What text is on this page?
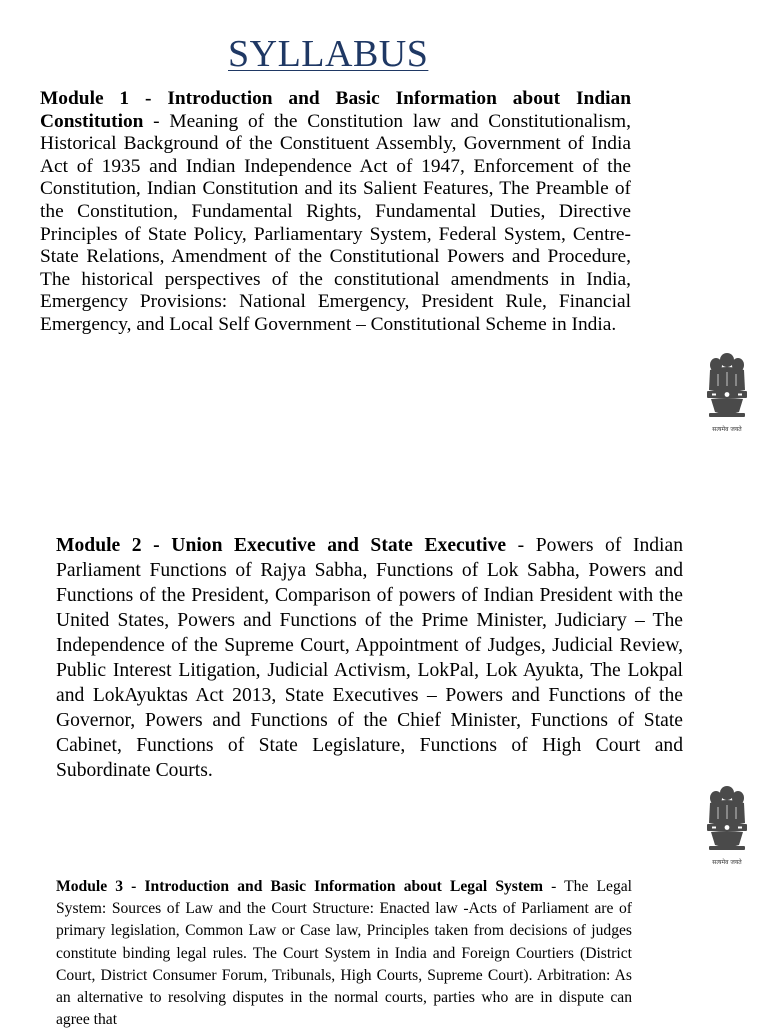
SYLLABUS

Module 1 - Introduction and Basic Information about Indian Constitution - Meaning of the Constitution law and Constitutionalism, Historical Background of the Constituent Assembly, Government of India Act of 1935 and Indian Independence Act of 1947, Enforcement of the Constitution, Indian Constitution and its Salient Features, The Preamble of the Constitution, Fundamental Rights, Fundamental Duties, Directive Principles of State Policy, Parliamentary System, Federal System, Centre-State Relations, Amendment of the Constitutional Powers and Procedure, The historical perspectives of the constitutional amendments in India, Emergency Provisions: National Emergency, President Rule, Financial Emergency, and Local Self Government – Constitutional Scheme in India.

सत्यमेव जयते

Module 2 - Union Executive and State Executive - Powers of Indian Parliament Functions of Rajya Sabha, Functions of Lok Sabha, Powers and Functions of the President, Comparison of powers of Indian President with the United States, Powers and Functions of the Prime Minister, Judiciary – The Independence of the Supreme Court, Appointment of Judges, Judicial Review, Public Interest Litigation, Judicial Activism, LokPal, Lok Ayukta, The Lokpal and LokAyuktas Act 2013, State Executives – Powers and Functions of the Governor, Powers and Functions of the Chief Minister, Functions of State Cabinet, Functions of State Legislature, Functions of High Court and Subordinate Courts.

सत्यमेव जयते

Module 3 - Introduction and Basic Information about Legal System - The Legal System: Sources of Law and the Court Structure: Enacted law -Acts of Parliament are of primary legislation, Common Law or Case law, Principles taken from decisions of judges constitute binding legal rules. The Court System in India and Foreign Courtiers (District Court, District Consumer Forum, Tribunals, High Courts, Supreme Court). Arbitration: As an alternative to resolving disputes in the normal courts, parties who are in dispute can agree that
